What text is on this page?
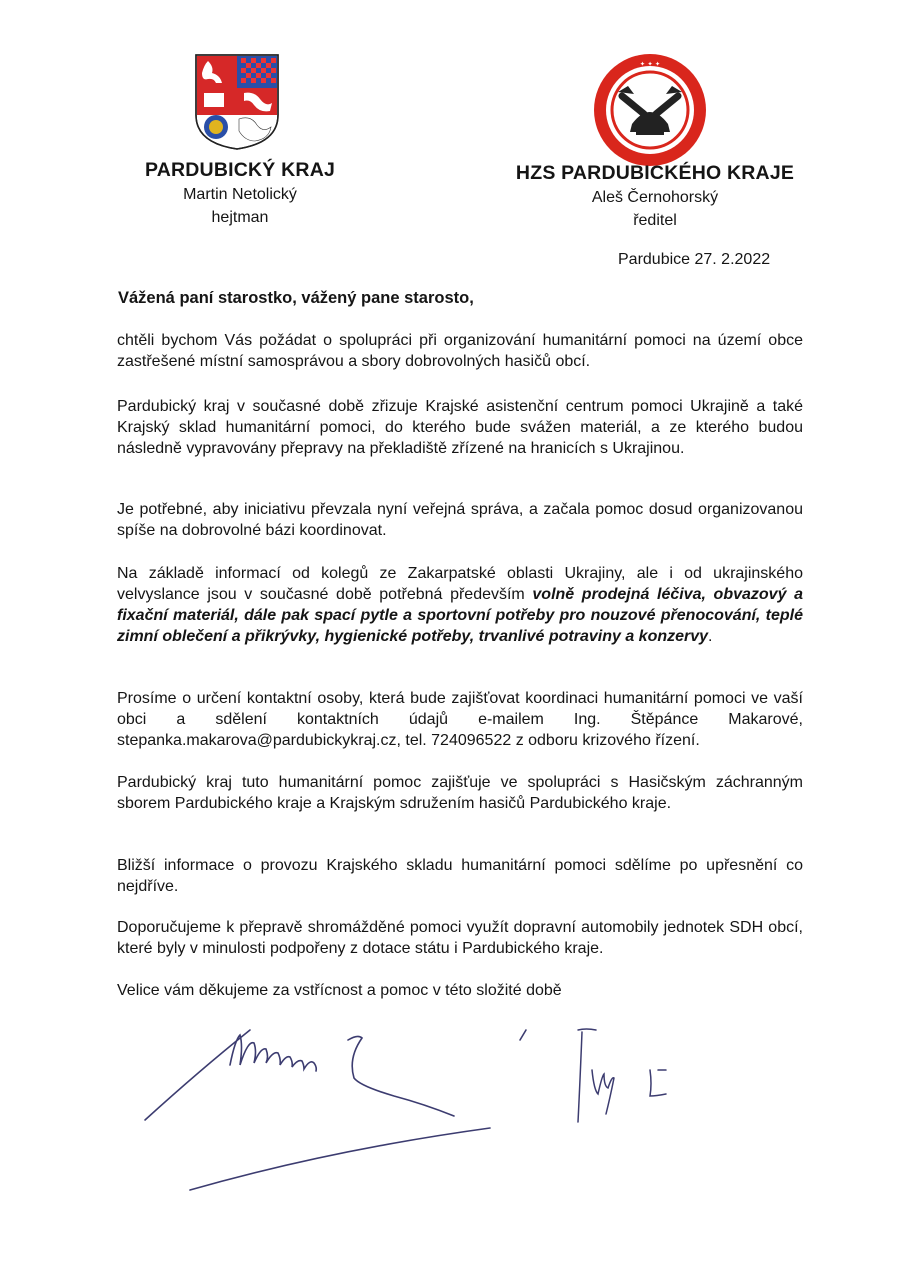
✦ ✦ ✦
PARDUBICKÝ KRAJ
Martin Netolický
hejtman
HZS PARDUBICKÉHO KRAJE
Aleš Černohorský
ředitel
Pardubice 27. 2.2022
Vážená paní starostko, vážený pane starosto,
chtěli bychom Vás požádat o spolupráci při organizování humanitární pomoci na území obce zastřešené místní samosprávou a sbory dobrovolných hasičů obcí.
Pardubický kraj v současné době zřizuje Krajské asistenční centrum pomoci Ukrajině a také Krajský sklad humanitární pomoci, do kterého bude svážen materiál, a ze kterého budou následně vypravovány přepravy na překladiště zřízené na hranicích s Ukrajinou.
Je potřebné, aby iniciativu převzala nyní veřejná správa, a začala pomoc dosud organizovanou spíše na dobrovolné bázi koordinovat.
Na základě informací od kolegů ze Zakarpatské oblasti Ukrajiny, ale i od ukrajinského velvyslance jsou v současné době potřebná především volně prodejná léčiva, obvazový a fixační materiál, dále pak spací pytle a sportovní potřeby pro nouzové přenocování, teplé zimní oblečení a přikrývky, hygienické potřeby, trvanlivé potraviny a konzervy.
Prosíme o určení kontaktní osoby, která bude zajišťovat koordinaci humanitární pomoci ve vaší obci a sdělení kontaktních údajů e-mailem Ing. Štěpánce Makarové, stepanka.makarova@pardubickykraj.cz, tel. 724096522 z odboru krizového řízení.
Pardubický kraj tuto humanitární pomoc zajišťuje ve spolupráci s Hasičským záchranným sborem Pardubického kraje a Krajským sdružením hasičů Pardubického kraje.
Bližší informace o provozu Krajského skladu humanitární pomoci sdělíme po upřesnění co nejdříve.
Doporučujeme k přepravě shromážděné pomoci využít dopravní automobily jednotek SDH obcí, které byly v minulosti podpořeny z dotace státu i Pardubického kraje.
Velice vám děkujeme za vstřícnost a pomoc v této složité době
